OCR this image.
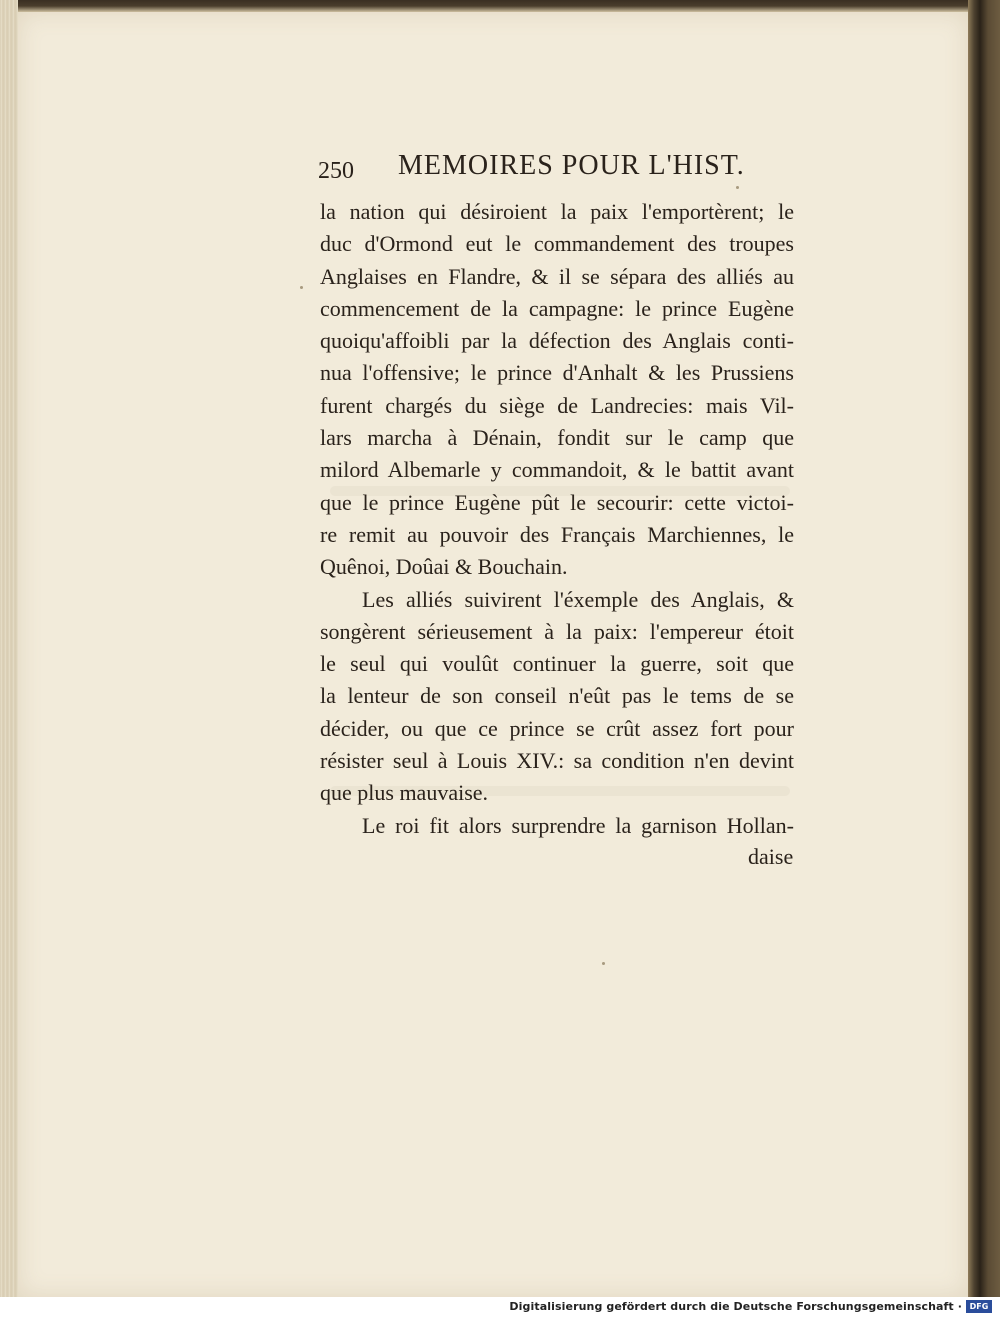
250 MEMOIRES POUR L'HIST.
la nation qui désiroient la paix l'emportèrent; le
duc d'Ormond eut le commandement des troupes
Anglaises en Flandre, & il se sépara des alliés au
commencement de la campagne: le prince Eugène
quoiqu'affoibli par la défection des Anglais conti-
nua l'offensive; le prince d'Anhalt & les Prussiens
furent chargés du siège de Landrecies: mais Vil-
lars marcha à Dénain, fondit sur le camp que
milord Albemarle y commandoit, & le battit avant
que le prince Eugène pût le secourir: cette victoi-
re remit au pouvoir des Français Marchiennes, le
Quênoi, Doûai & Bouchain.
Les alliés suivirent l'éxemple des Anglais, &
songèrent sérieusement à la paix: l'empereur étoit
le seul qui voulût continuer la guerre, soit que
la lenteur de son conseil n'eût pas le tems de se
décider, ou que ce prince se crût assez fort pour
résister seul à Louis XIV.: sa condition n'en devint
que plus mauvaise.
Le roi fit alors surprendre la garnison Hollan-
daise
Digitalisierung gefördert durch die Deutsche Forschungsgemeinschaft · DFG
